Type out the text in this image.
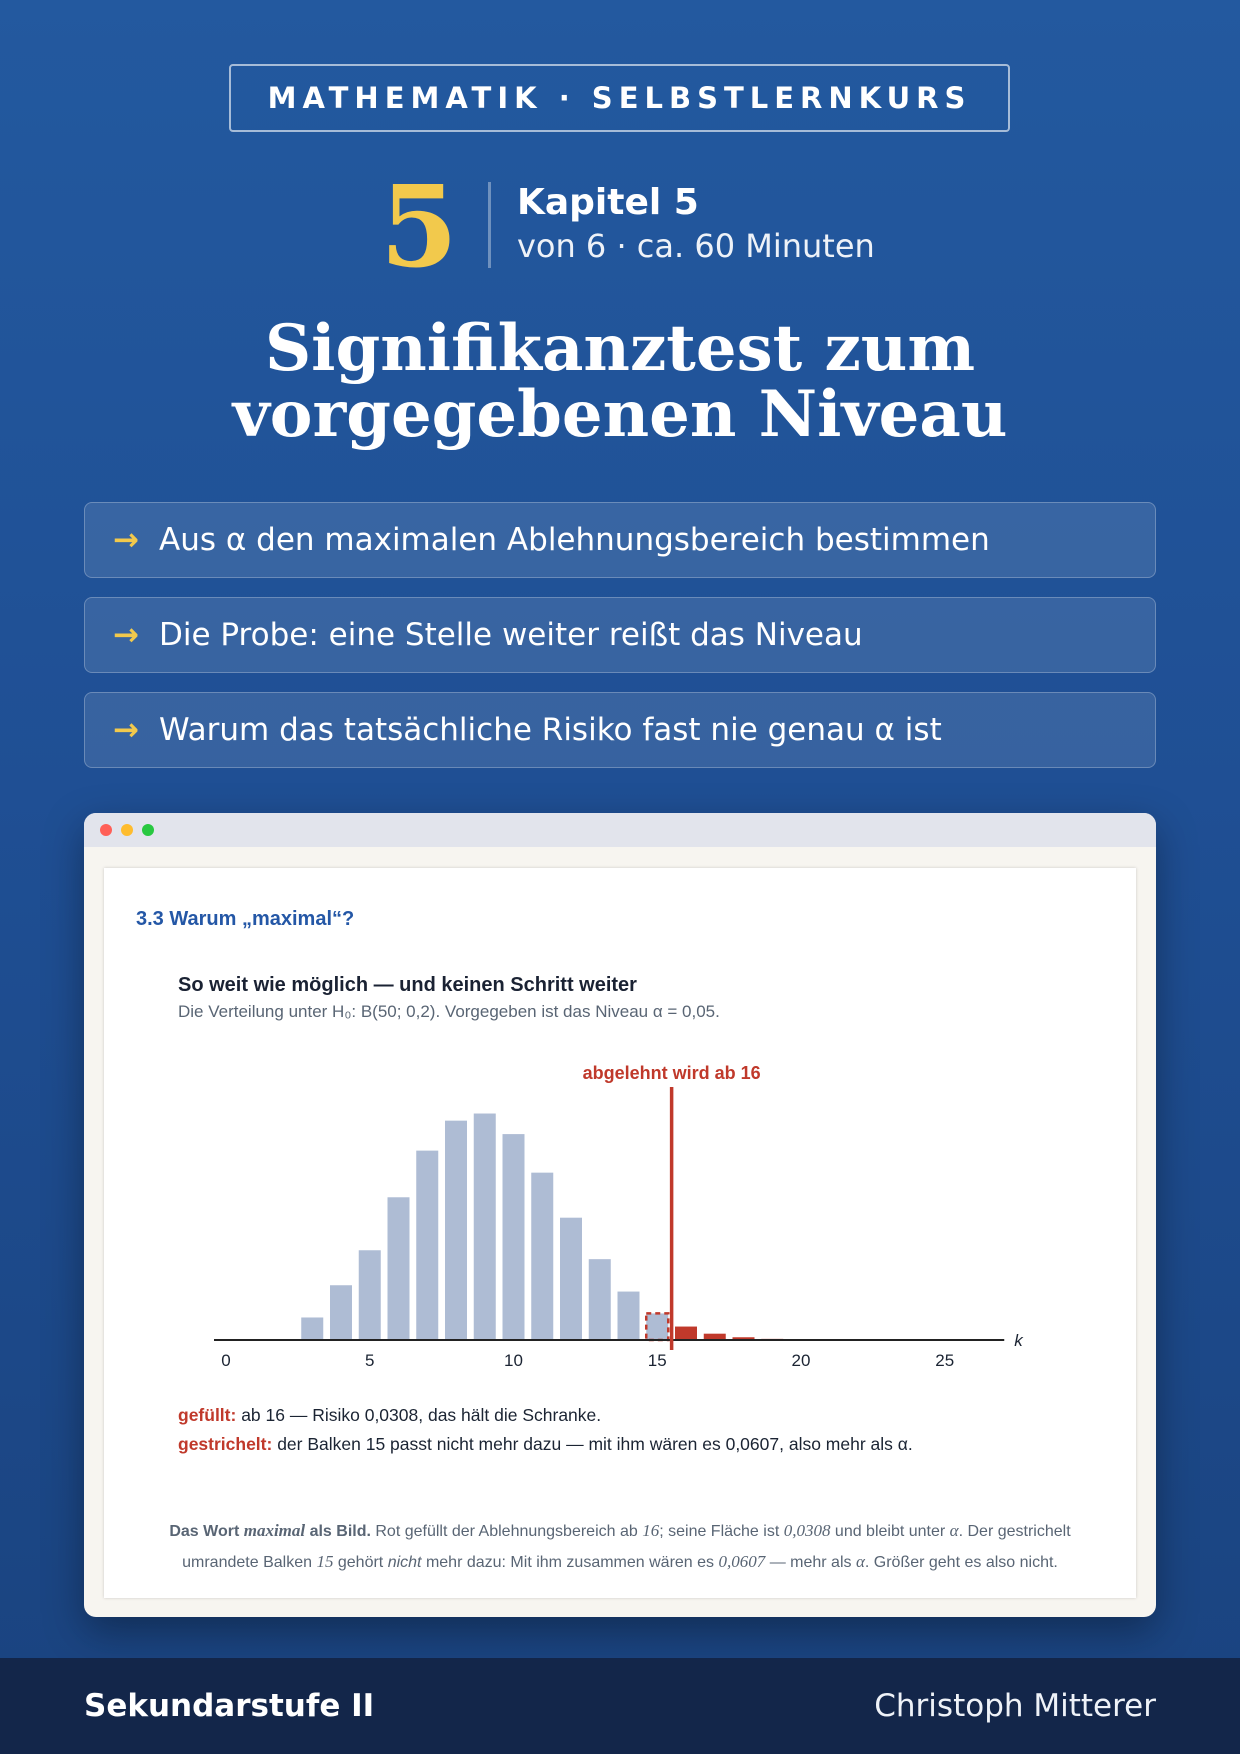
MATHEMATIK · SELBSTLERNKURS
5 Kapitel 5
von 6 · ca. 60 Minuten
Signifikanztest zum
vorgegebenen Niveau
→ Aus α den maximalen Ablehnungsbereich bestimmen
→ Die Probe: eine Stelle weiter reißt das Niveau
→ Warum das tatsächliche Risiko fast nie genau α ist
3.3 Warum „maximal“?
So weit wie möglich — und keinen Schritt weiter
Die Verteilung unter H₀: B(50; 0,2). Vorgegeben ist das Niveau α = 0,05.
k
0	5	10	15	20	25
abgelehnt wird ab 16
gefüllt: ab 16 — Risiko 0,0308, das hält die Schranke.
gestrichelt: der Balken 15 passt nicht mehr dazu — mit ihm wären es 0,0607, also mehr als α.
Das Wort maximal als Bild. Rot gefüllt der Ablehnungsbereich ab 16; seine Fläche ist 0,0308 und bleibt unter α. Der gestrichelt umrandete Balken 15 gehört nicht mehr dazu: Mit ihm zusammen wären es 0,0607 — mehr als α. Größer geht es also nicht.
Sekundarstufe II	Christoph Mitterer
